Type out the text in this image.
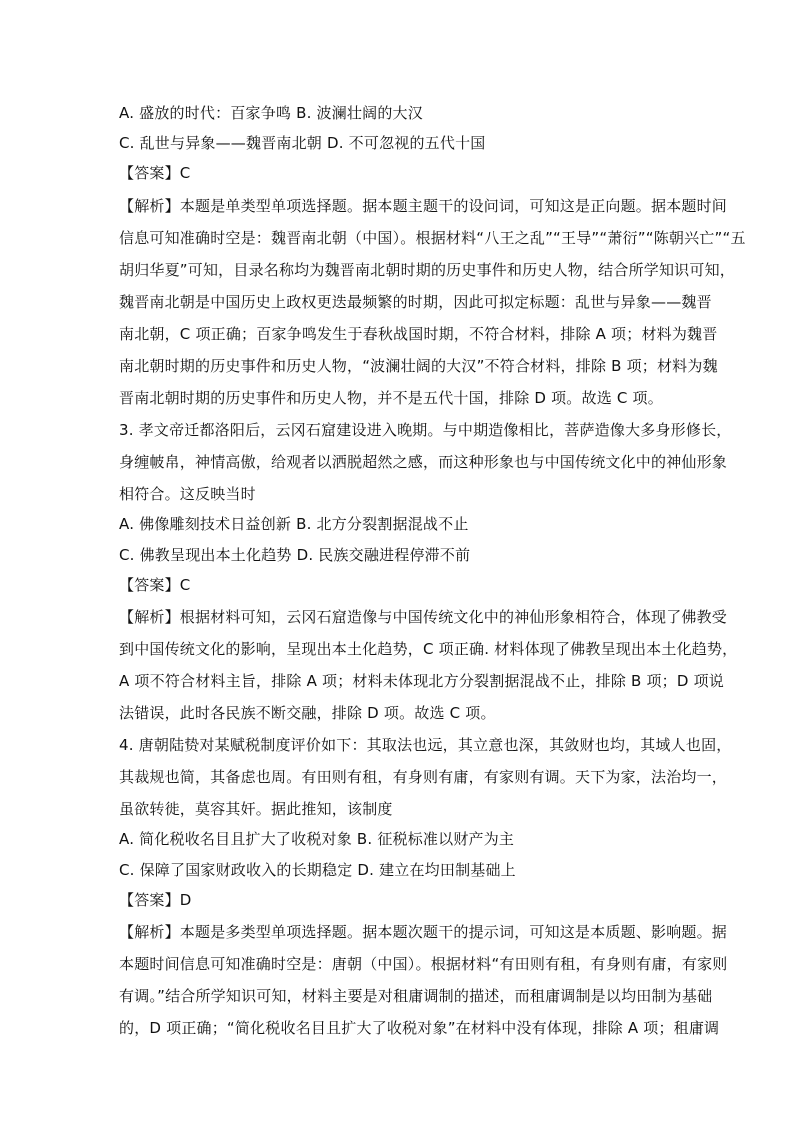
A. 盛放的时代：百家争鸣 B. 波澜壮阔的大汉
C. 乱世与异象——魏晋南北朝 D. 不可忽视的五代十国
【答案】C
【解析】本题是单类型单项选择题。据本题主题干的设问词，可知这是正向题。据本题时间
信息可知准确时空是：魏晋南北朝（中国）。根据材料“八王之乱”“王导”“萧衍”“陈朝兴亡”“五
胡归华夏”可知，目录名称均为魏晋南北朝时期的历史事件和历史人物，结合所学知识可知，
魏晋南北朝是中国历史上政权更迭最频繁的时期，因此可拟定标题：乱世与异象——魏晋
南北朝，C 项正确；百家争鸣发生于春秋战国时期，不符合材料，排除 A 项；材料为魏晋
南北朝时期的历史事件和历史人物，“波澜壮阔的大汉”不符合材料，排除 B 项；材料为魏
晋南北朝时期的历史事件和历史人物，并不是五代十国，排除 D 项。故选 C 项。
3. 孝文帝迁都洛阳后，云冈石窟建设进入晚期。与中期造像相比，菩萨造像大多身形修长，
身缠帔帛，神情高傲，给观者以洒脱超然之感，而这种形象也与中国传统文化中的神仙形象
相符合。这反映当时
A. 佛像雕刻技术日益创新 B. 北方分裂割据混战不止
C. 佛教呈现出本土化趋势 D. 民族交融进程停滞不前
【答案】C
【解析】根据材料可知，云冈石窟造像与中国传统文化中的神仙形象相符合，体现了佛教受
到中国传统文化的影响，呈现出本土化趋势，C 项正确. 材料体现了佛教呈现出本土化趋势，
A 项不符合材料主旨，排除 A 项；材料未体现北方分裂割据混战不止，排除 B 项；D 项说
法错误，此时各民族不断交融，排除 D 项。故选 C 项。
4. 唐朝陆贽对某赋税制度评价如下：其取法也远，其立意也深，其敛财也均，其域人也固，
其裁规也简，其备虑也周。有田则有租，有身则有庸，有家则有调。天下为家，法治均一，
虽欲转徙，莫容其奸。据此推知，该制度
A. 简化税收名目且扩大了收税对象 B. 征税标准以财产为主
C. 保障了国家财政收入的长期稳定 D. 建立在均田制基础上
【答案】D
【解析】本题是多类型单项选择题。据本题次题干的提示词，可知这是本质题、影响题。据
本题时间信息可知准确时空是：唐朝（中国）。根据材料“有田则有租，有身则有庸，有家则
有调。”结合所学知识可知，材料主要是对租庸调制的描述，而租庸调制是以均田制为基础
的，D 项正确；“简化税收名目且扩大了收税对象”在材料中没有体现，排除 A 项；租庸调
